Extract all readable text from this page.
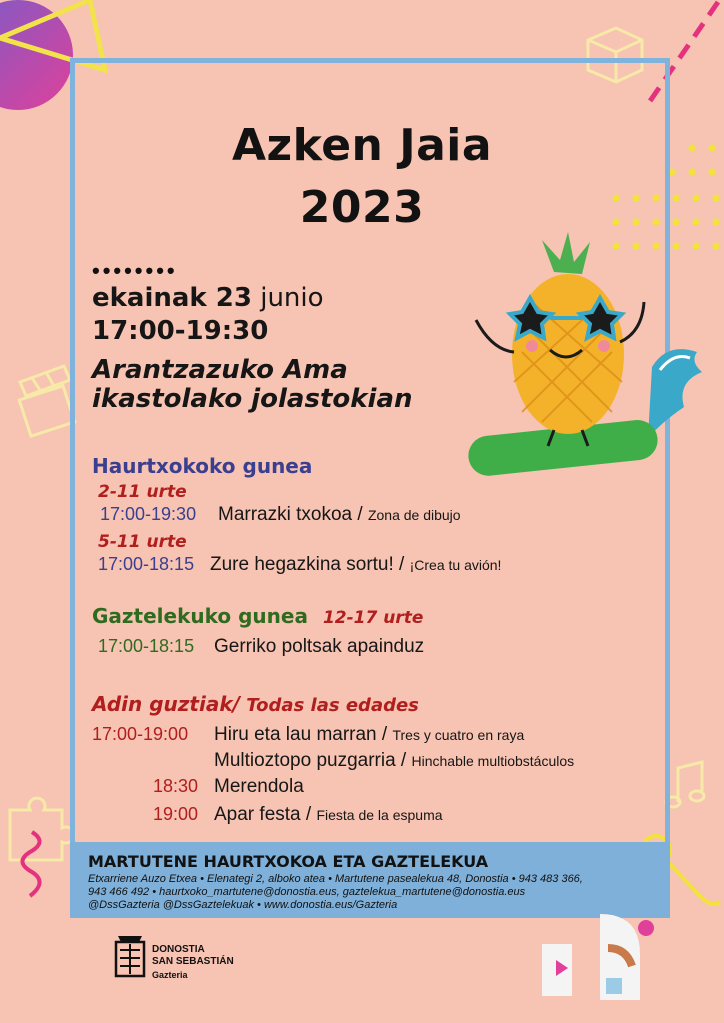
Azken Jaia
2023
••••••••
ekainak 23 junio
17:00-19:30
Arantzazuko Ama
ikastolako jolastokian
Haurtxokoko gunea
2-11 urte
17:00-19:30 Marrazki txokoa / Zona de dibujo
5-11 urte
17:00-18:15 Zure hegazkina sortu! / ¡Crea tu avión!
Gaztelekuko gunea 12-17 urte
17:00-18:15 Gerriko poltsak apainduz
Adin guztiak/ Todas las edades
17:00-19:00 Hiru eta lau marran / Tres y cuatro en raya
Multioztopo puzgarria / Hinchable multiobstáculos
18:30 Merendola
19:00 Apar festa / Fiesta de la espuma
MARTUTENE HAURTXOKOA ETA GAZTELEKUA
Etxarriene Auzo Etxea • Elenategi 2, alboko atea • Martutene pasealekua 48, Donostia • 943 483 366,
943 466 492 • haurtxoko_martutene@donostia.eus, gaztelekua_martutene@donostia.eus
@DssGazteria @DssGaztelekuak • www.donostia.eus/Gazteria
DONOSTIA
SAN SEBASTIÁN
Gazteria
